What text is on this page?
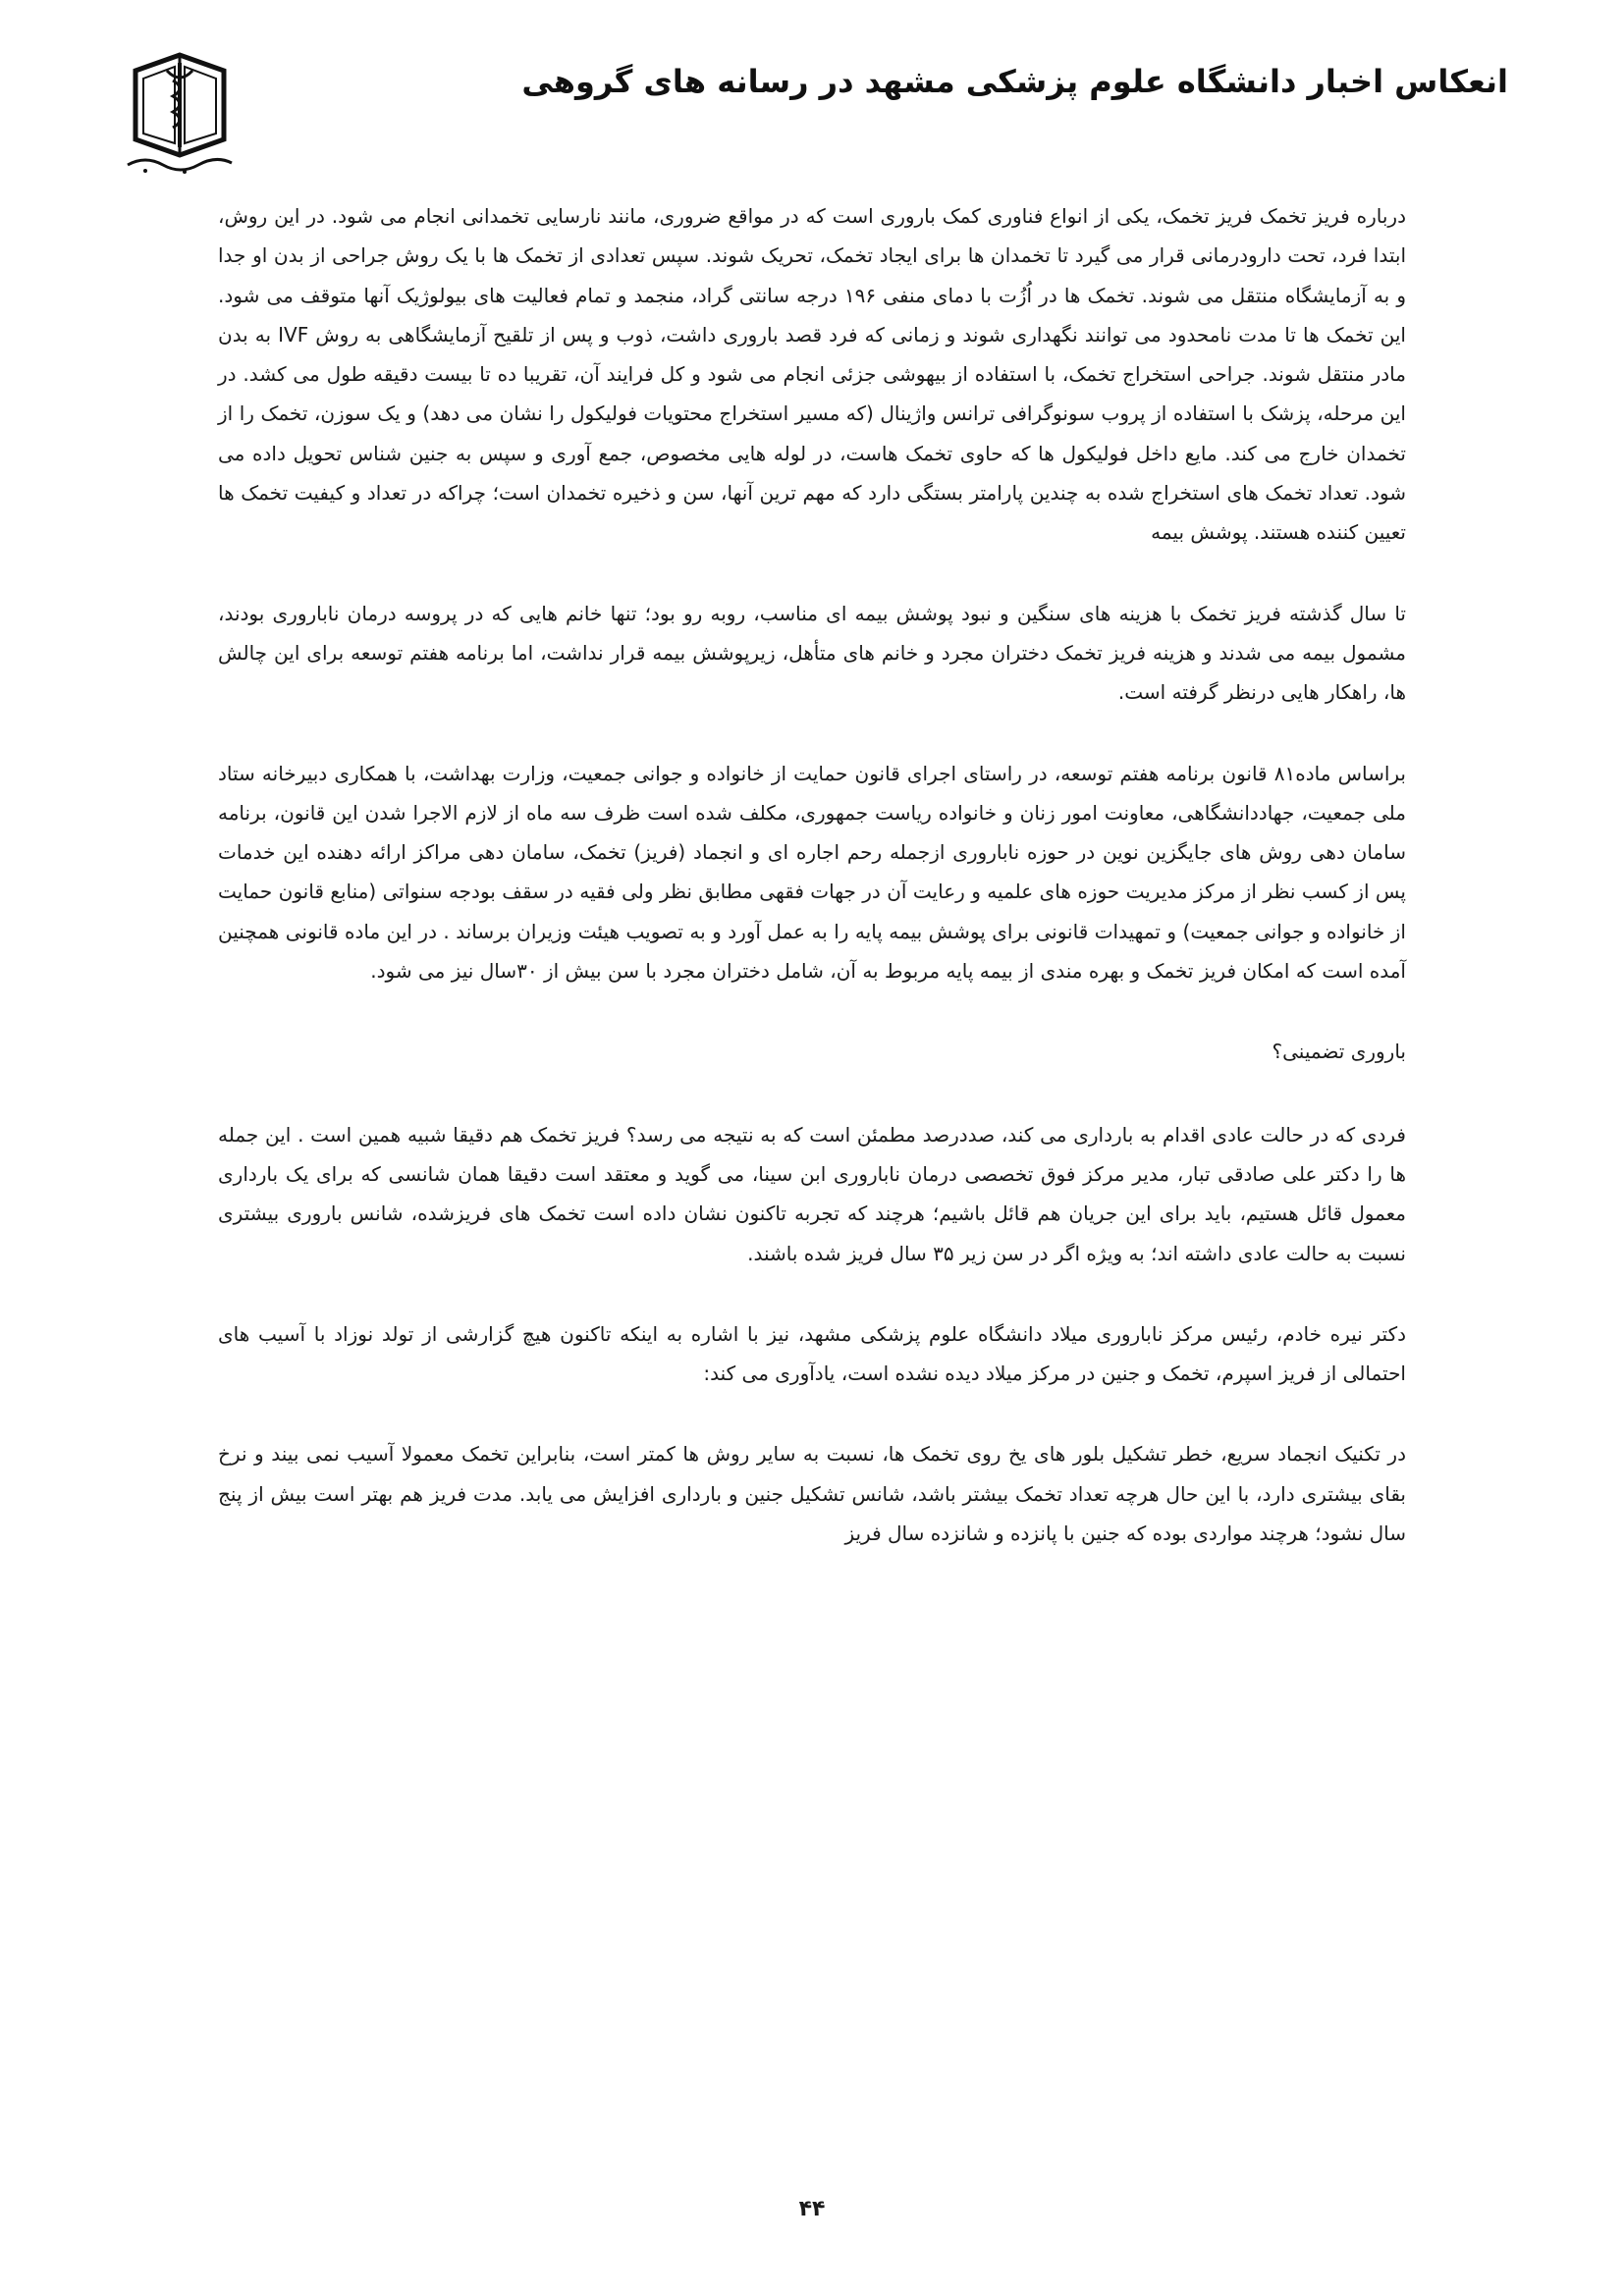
انعکاس اخبار دانشگاه علوم پزشکی مشهد در رسانه های گروهی

درباره فریز تخمک فریز تخمک، یکی از انواع فناوری کمک باروری است که در مواقع ضروری، مانند نارسایی تخمدانی انجام می شود. در این روش، ابتدا فرد، تحت دارودرمانی قرار می گیرد تا تخمدان ها برای ایجاد تخمک، تحریک شوند. سپس تعدادی از تخمک ها با یک روش جراحی از بدن او جدا و به آزمایشگاه منتقل می شوند. تخمک ها در اُزُت با دمای منفی ۱۹۶ درجه سانتی گراد، منجمد و تمام فعالیت های بیولوژیک آنها متوقف می شود. این تخمک ها تا مدت نامحدود می توانند نگهداری شوند و زمانی که فرد قصد باروری داشت، ذوب و پس از تلقیح آزمایشگاهی به روش IVF به بدن مادر منتقل شوند. جراحی استخراج تخمک، با استفاده از بیهوشی جزئی انجام می شود و کل فرایند آن، تقریبا ده تا بیست دقیقه طول می کشد. در این مرحله، پزشک با استفاده از پروب سونوگرافی ترانس واژینال (که مسیر استخراج محتویات فولیکول را نشان می دهد) و یک سوزن، تخمک را از تخمدان خارج می کند. مایع داخل فولیکول ها که حاوی تخمک هاست، در لوله هایی مخصوص، جمع آوری و سپس به جنین شناس تحویل داده می شود. تعداد تخمک های استخراج شده به چندین پارامتر بستگی دارد که مهم ترین آنها، سن و ذخیره تخمدان است؛ چراکه در تعداد و کیفیت تخمک ها تعیین کننده هستند. پوشش بیمه

تا سال گذشته فریز تخمک با هزینه های سنگین و نبود پوشش بیمه ای مناسب، روبه رو بود؛ تنها خانم هایی که در پروسه درمان ناباروری بودند، مشمول بیمه می شدند و هزینه فریز تخمک دختران مجرد و خانم های متأهل، زیرپوشش بیمه قرار نداشت، اما برنامه هفتم توسعه برای این چالش ها، راهکار هایی درنظر گرفته است.

براساس ماده۸۱ قانون برنامه هفتم توسعه، در راستای اجرای قانون حمایت از خانواده و جوانی جمعیت، وزارت بهداشت، با همکاری دبیرخانه ستاد ملی جمعیت، جهاددانشگاهی، معاونت امور زنان و خانواده ریاست جمهوری، مکلف شده است ظرف سه ماه از لازم الاجرا شدن این قانون، برنامه سامان دهی روش های جایگزین نوین در حوزه ناباروری ازجمله رحم اجاره ای و انجماد (فریز) تخمک، سامان دهی مراکز ارائه دهنده این خدمات پس از کسب نظر از مرکز مدیریت حوزه های علمیه و رعایت آن در جهات فقهی مطابق نظر ولی فقیه در سقف بودجه سنواتی (منابع قانون حمایت از خانواده و جوانی جمعیت) و تمهیدات قانونی برای پوشش بیمه پایه را به عمل آورد و به تصویب هیئت وزیران برساند . در این ماده قانونی همچنین آمده است که امکان فریز تخمک و بهره مندی از بیمه پایه مربوط به آن، شامل دختران مجرد با سن بیش از ۳۰سال نیز می شود.

باروری تضمینی؟

فردی که در حالت عادی اقدام به بارداری می کند، صددرصد مطمئن است که به نتیجه می رسد؟ فریز تخمک هم دقیقا شبیه همین است . این جمله ها را دکتر علی صادقی تبار، مدیر مرکز فوق تخصصی درمان ناباروری ابن سینا، می گوید و معتقد است دقیقا همان شانسی که برای یک بارداری معمول قائل هستیم، باید برای این جریان هم قائل باشیم؛ هرچند که تجربه تاکنون نشان داده است تخمک های فریزشده، شانس باروری بیشتری نسبت به حالت عادی داشته اند؛ به ویژه اگر در سن زیر ۳۵ سال فریز شده باشند.

دکتر نیره خادم، رئیس مرکز ناباروری میلاد دانشگاه علوم پزشکی مشهد، نیز با اشاره به اینکه تاکنون هیچ گزارشی از تولد نوزاد با آسیب های احتمالی از فریز اسپرم، تخمک و جنین در مرکز میلاد دیده نشده است، یادآوری می کند:

در تکنیک انجماد سریع، خطر تشکیل بلور های یخ روی تخمک ها، نسبت به سایر روش ها کمتر است، بنابراین تخمک معمولا آسیب نمی بیند و نرخ بقای بیشتری دارد، با این حال هرچه تعداد تخمک بیشتر باشد، شانس تشکیل جنین و بارداری افزایش می یابد. مدت فریز هم بهتر است بیش از پنج سال نشود؛ هرچند مواردی بوده که جنین با پانزده و شانزده سال فریز

۴۴
